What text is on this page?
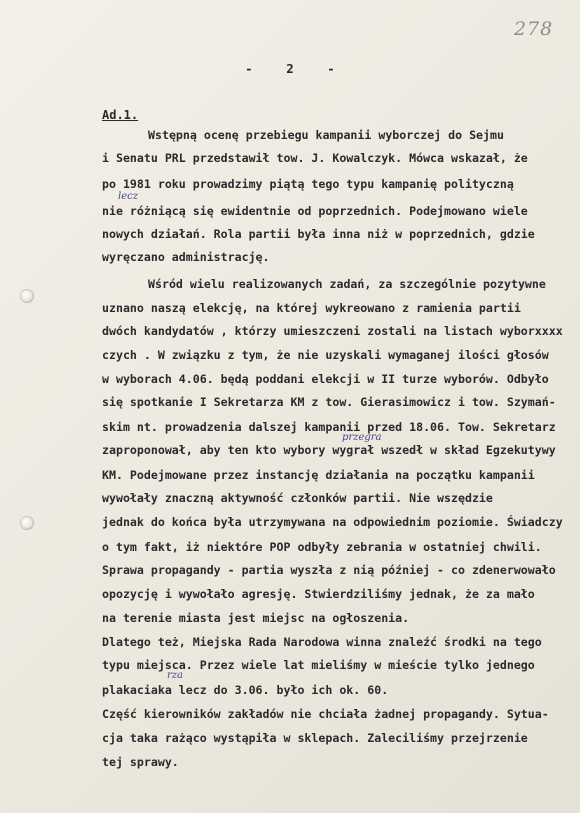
278
- 2 -
Ad.1.
Wstępną ocenę przebiegu kampanii wyborczej do Sejmu
i Senatu PRL przedstawił tow. J. Kowalczyk. Mówca wskazał, że
po 1981 roku prowadzimy piątą tego typu kampanię polityczną
nie różniącą się ewidentnie od poprzednich. Podejmowano wiele
nowych działań. Rola partii była inna niż w poprzednich, gdzie
wyręczano administrację.
Wśród wielu realizowanych zadań, za szczególnie pozytywne
uznano naszą elekcję, na której wykreowano z ramienia partii
dwóch kandydatów , którzy umieszczeni zostali na listach wyborxxxx
czych . W związku z tym, że nie uzyskali wymaganej ilości głosów
w wyborach 4.06. będą poddani elekcji w II turze wyborów. Odbyło
się spotkanie I Sekretarza KM z tow. Gierasimowicz i tow. Szymań-
skim nt. prowadzenia dalszej kampanii przed 18.06. Tow. Sekretarz
zaproponował, aby ten kto wybory wygrał wszedł w skład Egzekutywy
KM. Podejmowane przez instancję działania na początku kampanii
wywołały znaczną aktywność członków partii. Nie wszędzie
jednak do końca była utrzymywana na odpowiednim poziomie. Świadczy
o tym fakt, iż niektóre POP odbyły zebrania w ostatniej chwili.
Sprawa propagandy - partia wyszła z nią później - co zdenerwowało
opozycję i wywołało agresję. Stwierdziliśmy jednak, że za mało
na terenie miasta jest miejsc na ogłoszenia.
Dlatego też, Miejska Rada Narodowa winna znaleźć środki na tego
typu miejsca. Przez wiele lat mieliśmy w mieście tylko jednego
plakaciaka lecz do 3.06. było ich ok. 60.
Część kierowników zakładów nie chciała żadnej propagandy. Sytua-
cja taka rażąco wystąpiła w sklepach. Zaleciliśmy przejrzenie
tej sprawy.
lecz
przegra
rza
